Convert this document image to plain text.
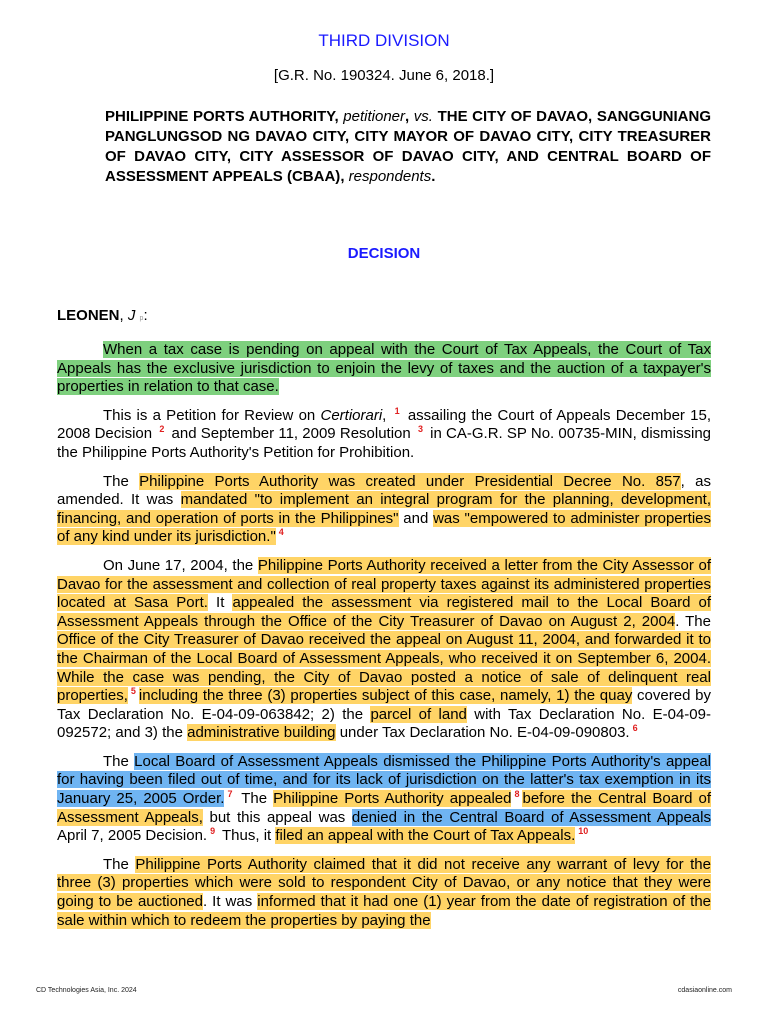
THIRD DIVISION
[G.R. No. 190324. June 6, 2018.]
PHILIPPINE PORTS AUTHORITY, petitioner, vs. THE CITY OF DAVAO, SANGGUNIANG PANGLUNGSOD NG DAVAO CITY, CITY MAYOR OF DAVAO CITY, CITY TREASURER OF DAVAO CITY, CITY ASSESSOR OF DAVAO CITY, AND CENTRAL BOARD OF ASSESSMENT APPEALS (CBAA), respondents.
DECISION
LEONEN, J p:

When a tax case is pending on appeal with the Court of Tax Appeals, the Court of Tax Appeals has the exclusive jurisdiction to enjoin the levy of taxes and the auction of a taxpayer's properties in relation to that case.

This is a Petition for Review on Certiorari, $^1$ assailing the Court of Appeals December 15, 2008 Decision $^2$ and September 11, 2009 Resolution $^3$ in CA-G.R. SP No. 00735-MIN, dismissing the Philippine Ports Authority's Petition for Prohibition.

The Philippine Ports Authority was created under Presidential Decree No. 857, as amended. It was mandated "to implement an integral program for the planning, development, financing, and operation of ports in the Philippines" and was "empowered to administer properties of any kind under its jurisdiction." $^4$

On June 17, 2004, the Philippine Ports Authority received a letter from the City Assessor of Davao for the assessment and collection of real property taxes against its administered properties located at Sasa Port. It appealed the assessment via registered mail to the Local Board of Assessment Appeals through the Office of the City Treasurer of Davao on August 2, 2004. The Office of the City Treasurer of Davao received the appeal on August 11, 2004, and forwarded it to the Chairman of the Local Board of Assessment Appeals, who received it on September 6, 2004. While the case was pending, the City of Davao posted a notice of sale of delinquent real properties, $^5$ including the three (3) properties subject of this case, namely, 1) the quay covered by Tax Declaration No. E-04-09-063842; 2) the parcel of land with Tax Declaration No. E-04-09-092572; and 3) the administrative building under Tax Declaration No. E-04-09-090803. $^6$

The Local Board of Assessment Appeals dismissed the Philippine Ports Authority's appeal for having been filed out of time, and for its lack of jurisdiction on the latter's tax exemption in its January 25, 2005 Order. $^7$ The Philippine Ports Authority appealed $^8$ before the Central Board of Assessment Appeals, but this appeal was denied in the Central Board of Assessment Appeals April 7, 2005 Decision. $^9$ Thus, it filed an appeal with the Court of Tax Appeals. $^{10}$

The Philippine Ports Authority claimed that it did not receive any warrant of levy for the three (3) properties which were sold to respondent City of Davao, or any notice that they were going to be auctioned. It was informed that it had one (1) year from the date of registration of the sale within which to redeem the properties by paying the

CD Technologies Asia, Inc. 2024	cdasiaonline.com
